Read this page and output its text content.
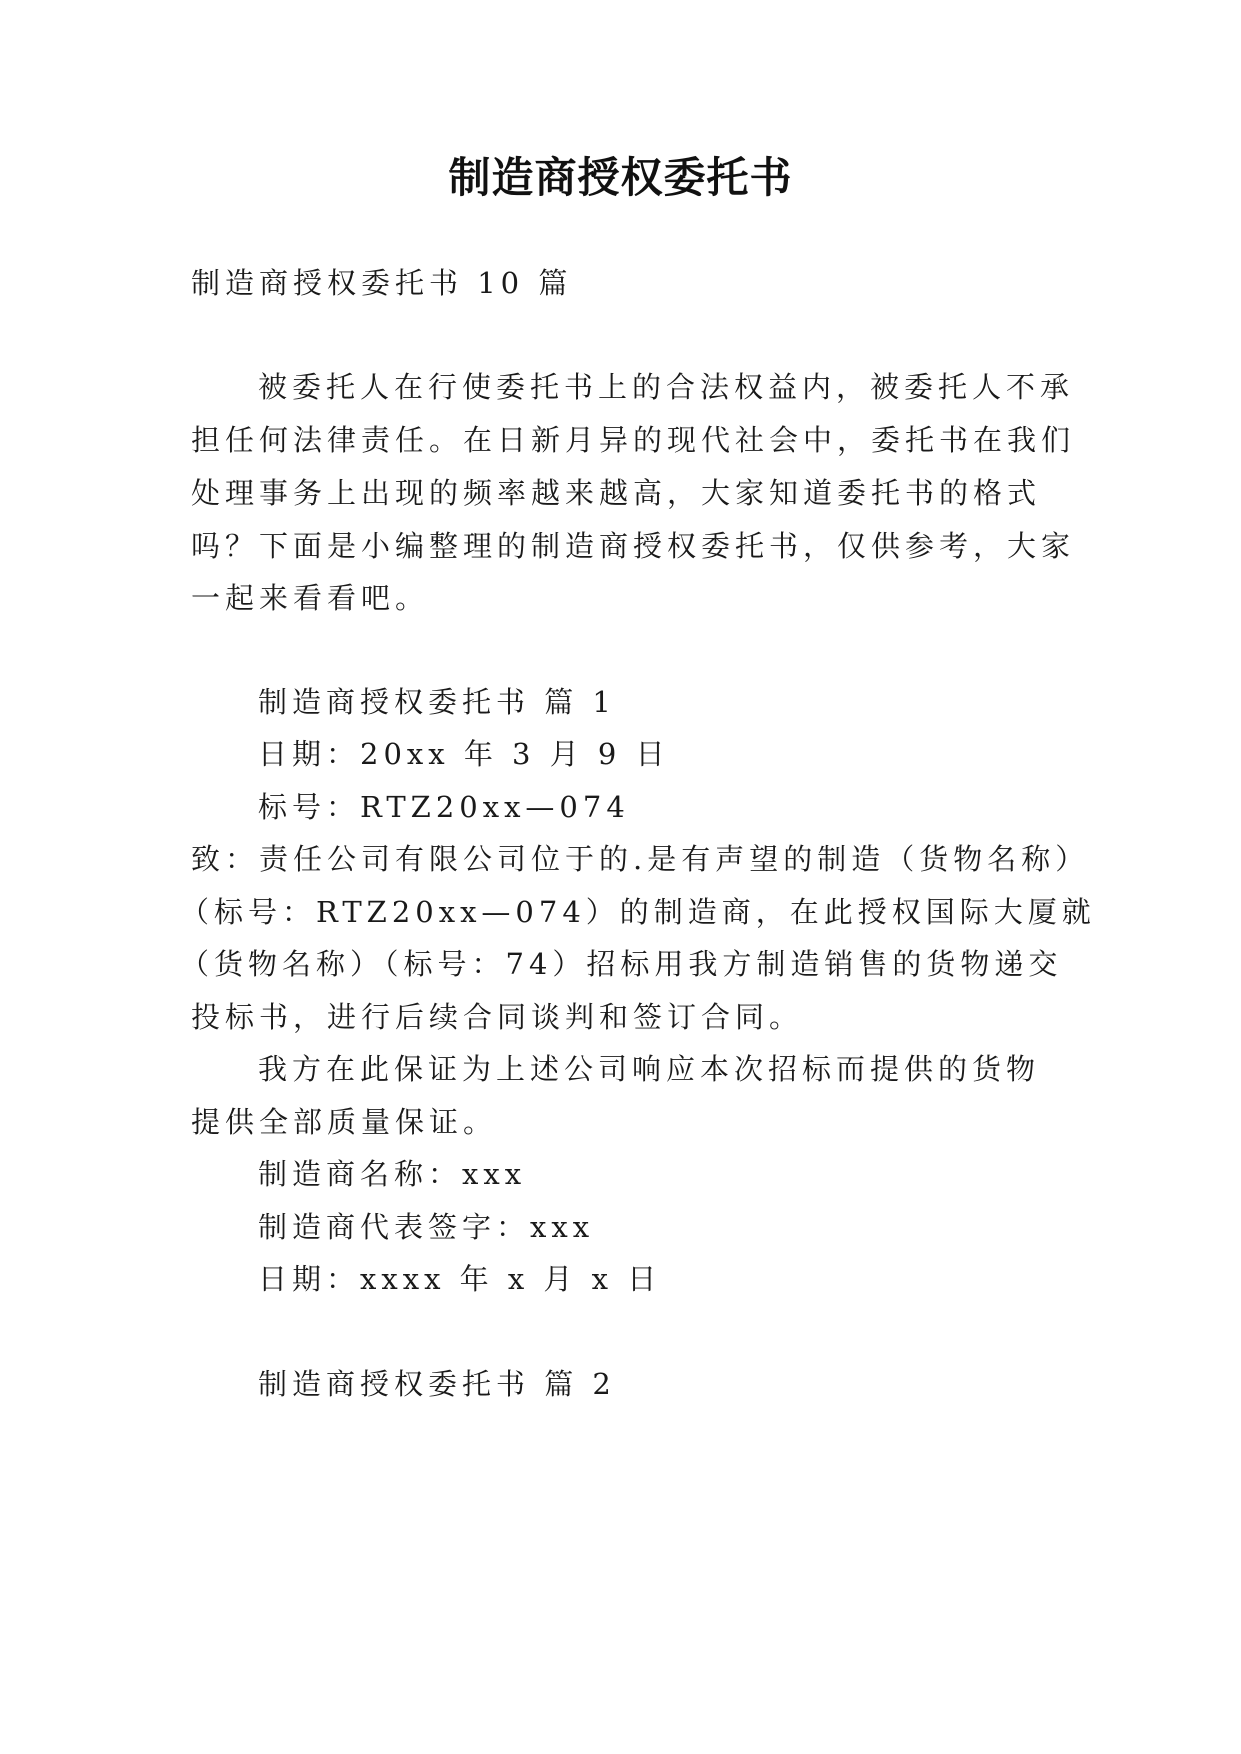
制造商授权委托书
制造商授权委托书 10 篇
被委托人在行使委托书上的合法权益内，被委托人不承
担任何法律责任。在日新月异的现代社会中，委托书在我们
处理事务上出现的频率越来越高，大家知道委托书的格式
吗？下面是小编整理的制造商授权委托书，仅供参考，大家
一起来看看吧。
制造商授权委托书 篇 1
日期：20xx 年 3 月 9 日
标号：RTZ20xx—074
致：责任公司有限公司位于的.是有声望的制造（货物名称）
（标号：RTZ20xx—074）的制造商，在此授权国际大厦就
（货物名称）（标号：74）招标用我方制造销售的货物递交
投标书，进行后续合同谈判和签订合同。
我方在此保证为上述公司响应本次招标而提供的货物
提供全部质量保证。
制造商名称：xxx
制造商代表签字：xxx
日期：xxxx 年 x 月 x 日
制造商授权委托书 篇 2
